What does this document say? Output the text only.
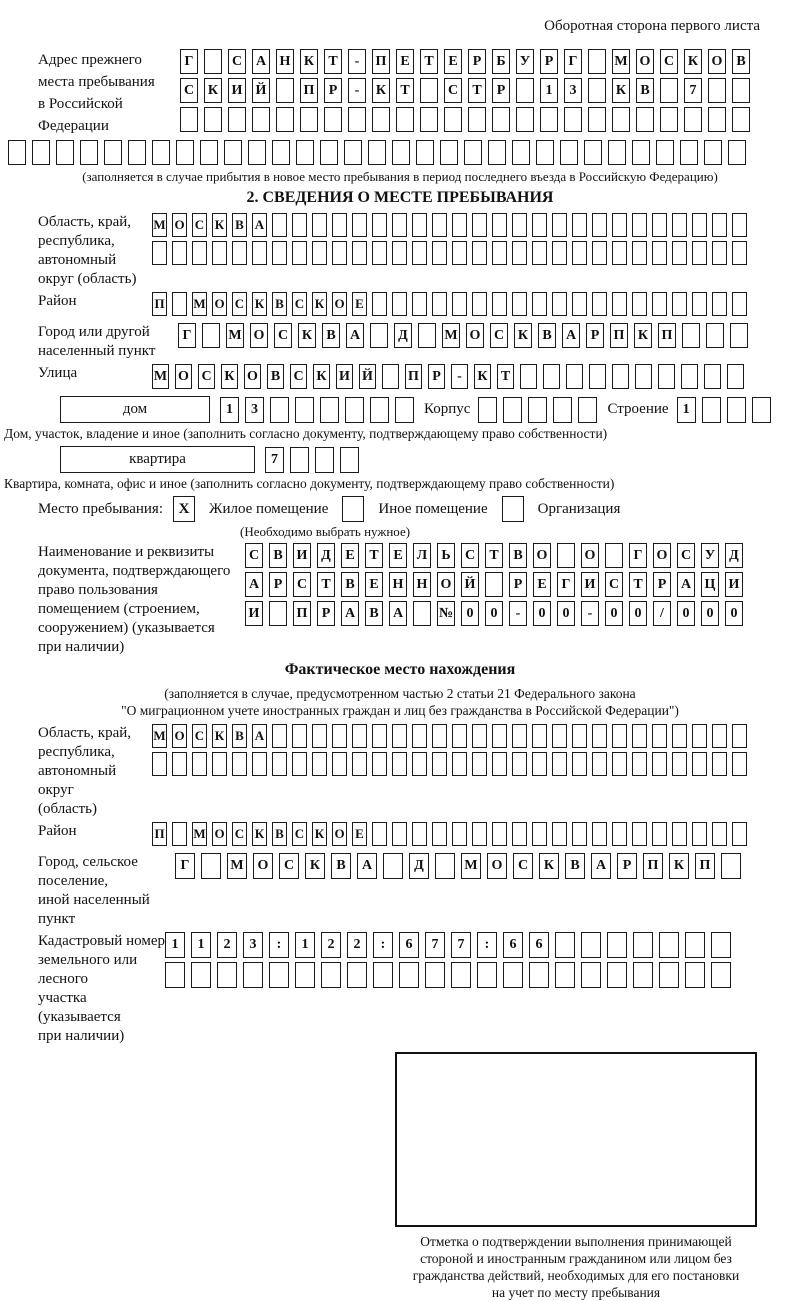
Оборотная сторона первого листа
Адрес прежнего
места пребывания
в Российской
Федерации
Г	С А Н К	Т	-	П Е	Т	Е	Р	Б	У	Р	Г	М О С К О В
С К И Й	П	Р	-	К	Т	С	Т	Р	1	3	К	В	7
(заполняется в случае прибытия в новое место пребывания в период последнего въезда в Российскую Федерацию)
2. СВЕДЕНИЯ О МЕСТЕ ПРЕБЫВАНИЯ
Область, край,
республика,
автономный
округ (область)
М О С К В А
Район	П М О С К В С К О Е
Город или другой
населенный пункт
Г	М О С К	В	А	Д	М О С К	В	А	Р	П К П
Улица	М О С К О В С К И Й	П Р	-	К Т
дом	1	3	Корпус	Строение	1
Дом, участок, владение и иное (заполнить согласно документу, подтверждающему право собственности)
квартира	7
Квартира, комната, офис и иное (заполнить согласно документу, подтверждающему право собственности)
Место пребывания:	X	Жилое помещение	Иное помещение	Организация
(Необходимо выбрать нужное)
Наименование и реквизиты
документа, подтверждающего
право пользования
помещением (строением,
сооружением) (указывается
при наличии)
С	В И Д	Е	Т	Е	Л	Ь	С	Т	В О	О	Г	О С У Д
А	Р	С	Т	В	Е Н Н О Й	Р	Е	Г	И С	Т	Р	А Ц И
И	П	Р	А	В	А	№ 0	0	-	0	0	-	0	0	/	0	0	0
Фактическое место нахождения
(заполняется в случае, предусмотренном частью 2 статьи 21 Федерального закона
"О миграционном учете иностранных граждан и лиц без гражданства в Российской Федерации")
Область, край,
республика,
автономный округ
(область)
М О С К В А
Район	П М О С К В С К О Е
Город, сельское поселение,
иной населенный пункт
Г	М О	С	К	В	А	Д	М О	С	К	В	А	Р	П	К	П
Кадастровый номер
земельного или лесного
участка (указывается
при наличии)
1	1	2	3	:	1	2	2	:	6	7	7	:	6	6
Отметка о подтверждении выполнения принимающей
стороной и иностранным гражданином или лицом без
гражданства действий, необходимых для его постановки
на учет по месту пребывания
